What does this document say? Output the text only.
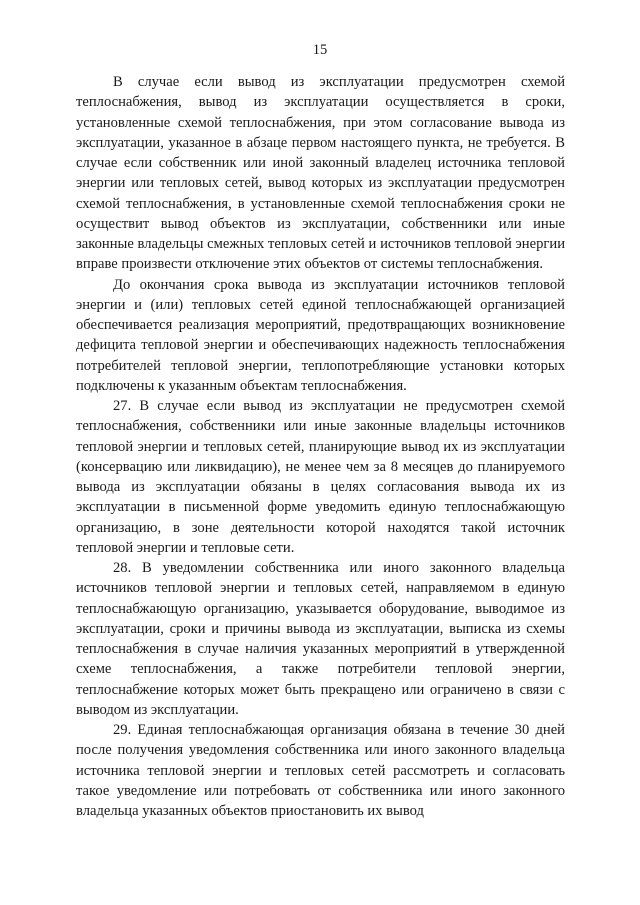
15

В случае если вывод из эксплуатации предусмотрен схемой теплоснабжения, вывод из эксплуатации осуществляется в сроки, установленные схемой теплоснабжения, при этом согласование вывода из эксплуатации, указанное в абзаце первом настоящего пункта, не требуется. В случае если собственник или иной законный владелец источника тепловой энергии или тепловых сетей, вывод которых из эксплуатации предусмотрен схемой теплоснабжения, в установленные схемой теплоснабжения сроки не осуществит вывод объектов из эксплуатации, собственники или иные законные владельцы смежных тепловых сетей и источников тепловой энергии вправе произвести отключение этих объектов от системы теплоснабжения.

До окончания срока вывода из эксплуатации источников тепловой энергии и (или) тепловых сетей единой теплоснабжающей организацией обеспечивается реализация мероприятий, предотвращающих возникновение дефицита тепловой энергии и обеспечивающих надежность теплоснабжения потребителей тепловой энергии, теплопотребляющие установки которых подключены к указанным объектам теплоснабжения.

27. В случае если вывод из эксплуатации не предусмотрен схемой теплоснабжения, собственники или иные законные владельцы источников тепловой энергии и тепловых сетей, планирующие вывод их из эксплуатации (консервацию или ликвидацию), не менее чем за 8 месяцев до планируемого вывода из эксплуатации обязаны в целях согласования вывода их из эксплуатации в письменной форме уведомить единую теплоснабжающую организацию, в зоне деятельности которой находятся такой источник тепловой энергии и тепловые сети.

28. В уведомлении собственника или иного законного владельца источников тепловой энергии и тепловых сетей, направляемом в единую теплоснабжающую организацию, указывается оборудование, выводимое из эксплуатации, сроки и причины вывода из эксплуатации, выписка из схемы теплоснабжения в случае наличия указанных мероприятий в утвержденной схеме теплоснабжения, а также потребители тепловой энергии, теплоснабжение которых может быть прекращено или ограничено в связи с выводом из эксплуатации.

29. Единая теплоснабжающая организация обязана в течение 30 дней после получения уведомления собственника или иного законного владельца источника тепловой энергии и тепловых сетей рассмотреть и согласовать такое уведомление или потребовать от собственника или иного законного владельца указанных объектов приостановить их вывод
